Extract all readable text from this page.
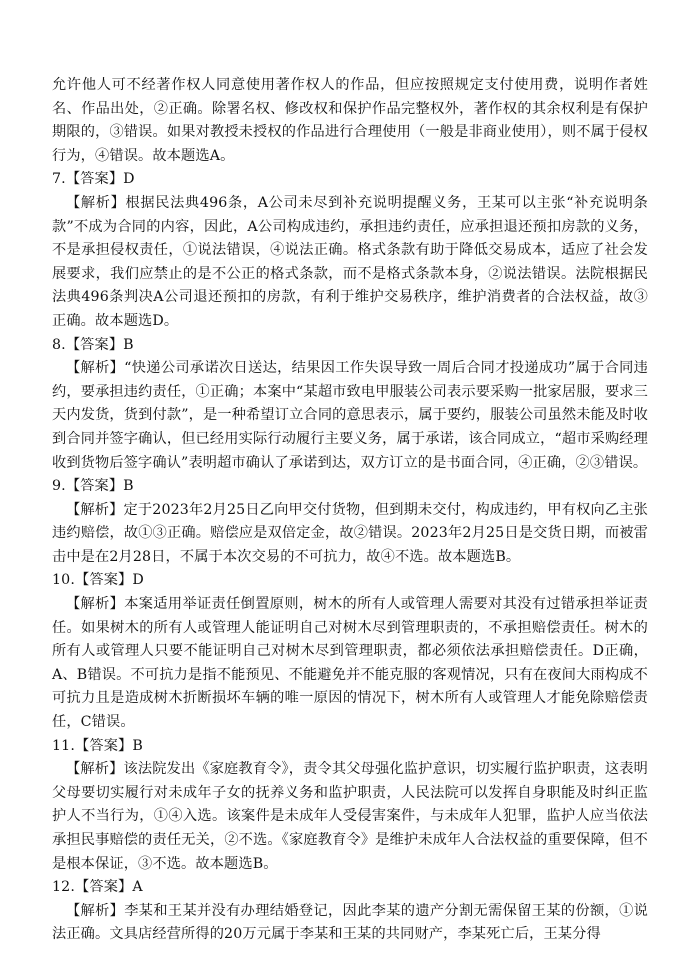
允许他人可不经著作权人同意使用著作权人的作品，但应按照规定支付使用费，说明作者姓名、作品出处，②正确。除署名权、修改权和保护作品完整权外，著作权的其余权利是有保护期限的，③错误。如果对教授未授权的作品进行合理使用（一般是非商业使用），则不属于侵权行为，④错误。故本题选A。

7.【答案】D

【解析】根据民法典496条，A公司未尽到补充说明提醒义务，王某可以主张“补充说明条款”不成为合同的内容，因此，A公司构成违约，承担违约责任，应承担退还预扣房款的义务，不是承担侵权责任，①说法错误，④说法正确。格式条款有助于降低交易成本，适应了社会发展要求，我们应禁止的是不公正的格式条款，而不是格式条款本身，②说法错误。法院根据民法典496条判决A公司退还预扣的房款，有利于维护交易秩序，维护消费者的合法权益，故③正确。故本题选D。

8.【答案】B

【解析】“快递公司承诺次日送达，结果因工作失误导致一周后合同才投递成功”属于合同违约，要承担违约责任，①正确；本案中“某超市致电甲服装公司表示要采购一批家居服，要求三天内发货，货到付款”，是一种希望订立合同的意思表示，属于要约，服装公司虽然未能及时收到合同并签字确认，但已经用实际行动履行主要义务，属于承诺，该合同成立，“超市采购经理收到货物后签字确认”表明超市确认了承诺到达，双方订立的是书面合同，④正确，②③错误。

9.【答案】B

【解析】定于2023年2月25日乙向甲交付货物，但到期未交付，构成违约，甲有权向乙主张违约赔偿，故①③正确。赔偿应是双倍定金，故②错误。2023年2月25日是交货日期，而被雷击中是在2月28日，不属于本次交易的不可抗力，故④不选。故本题选B。

10.【答案】D

【解析】本案适用举证责任倒置原则，树木的所有人或管理人需要对其没有过错承担举证责任。如果树木的所有人或管理人能证明自己对树木尽到管理职责的，不承担赔偿责任。树木的所有人或管理人只要不能证明自己对树木尽到管理职责，都必须依法承担赔偿责任。D正确，A、B错误。不可抗力是指不能预见、不能避免并不能克服的客观情况，只有在夜间大雨构成不可抗力且是造成树木折断损坏车辆的唯一原因的情况下，树木所有人或管理人才能免除赔偿责任，C错误。

11.【答案】B

【解析】该法院发出《家庭教育令》，责令其父母强化监护意识，切实履行监护职责，这表明父母要切实履行对未成年子女的抚养义务和监护职责，人民法院可以发挥自身职能及时纠正监护人不当行为，①④入选。该案件是未成年人受侵害案件，与未成年人犯罪，监护人应当依法承担民事赔偿的责任无关，②不选。《家庭教育令》是维护未成年人合法权益的重要保障，但不是根本保证，③不选。故本题选B。

12.【答案】A

【解析】李某和王某并没有办理结婚登记，因此李某的遗产分割无需保留王某的份额，①说法正确。文具店经营所得的20万元属于李某和王某的共同财产，李某死亡后，王某分得
